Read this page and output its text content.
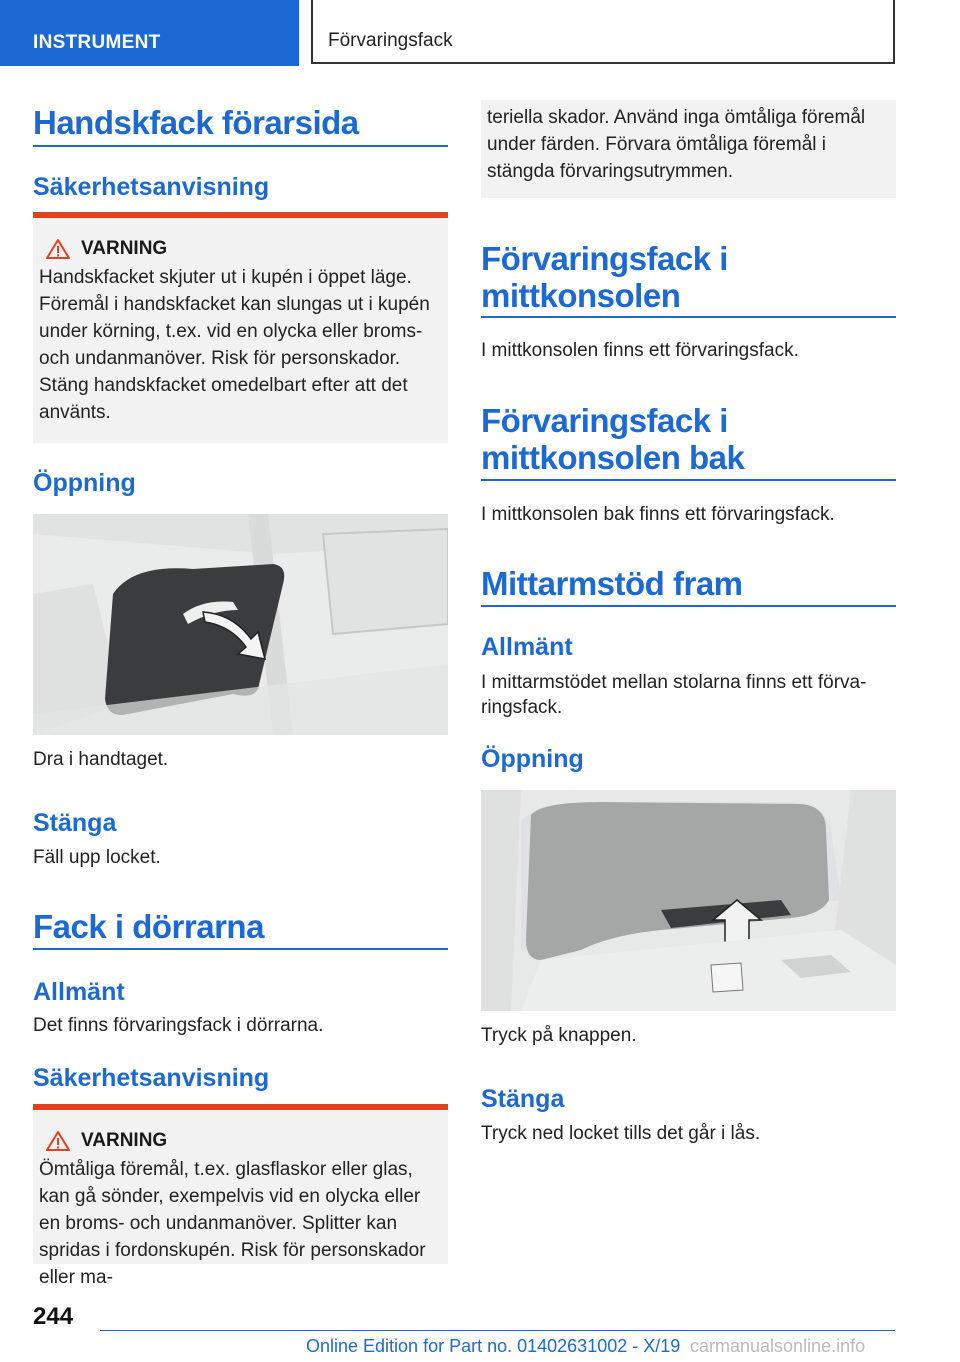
INSTRUMENT	Förvaringsfack
Handskfack förarsida
Säkerhetsanvisning
VARNING

Handskfacket skjuter ut i kupén i öppet läge. Föremål i handskfacket kan slungas ut i kupén under körning, t.ex. vid en olycka eller broms- och undanmanöver. Risk för personskador. Stäng handskfacket omedelbart efter att det använts.

Öppning

Dra i handtaget.

Stänga

Fäll upp locket.

Fack i dörrarna
Allmänt

Det finns förvaringsfack i dörrarna.

Säkerhetsanvisning
VARNING

Ömtåliga föremål, t.ex. glasflaskor eller glas, kan gå sönder, exempelvis vid en olycka eller en broms- och undanmanöver. Splitter kan spridas i fordonskupén. Risk för personskador eller ma-

teriella skador. Använd inga ömtåliga föremål under färden. Förvara ömtåliga föremål i stängda förvaringsutrymmen.

Förvaringsfack i mittkonsolen

I mittkonsolen finns ett förvaringsfack.

Förvaringsfack i mittkonsolen bak

I mittkonsolen bak finns ett förvaringsfack.

Mittarmstöd fram
Allmänt

I mittarmstödet mellan stolarna finns ett förvaringsfack.

Öppning

Tryck på knappen.

Stänga

Tryck ned locket tills det går i lås.

244
Online Edition for Part no. 01402631002 - X/19 carmanualsonline.info
